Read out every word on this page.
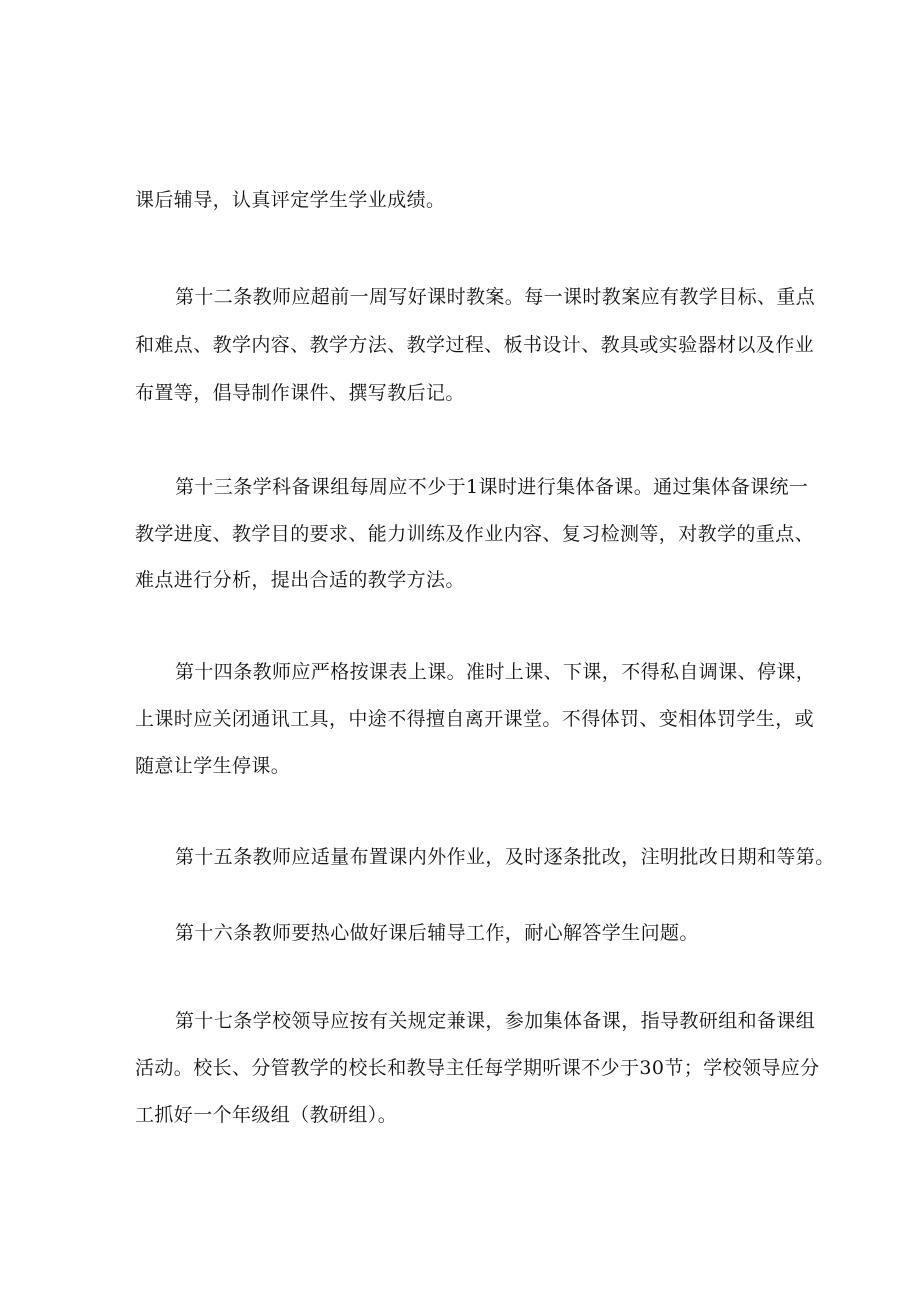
课后辅导，认真评定学生学业成绩。
第十二条教师应超前一周写好课时教案。每一课时教案应有教学目标、重点
和难点、教学内容、教学方法、教学过程、板书设计、教具或实验器材以及作业
布置等，倡导制作课件、撰写教后记。
第十三条学科备课组每周应不少于1课时进行集体备课。通过集体备课统一
教学进度、教学目的要求、能力训练及作业内容、复习检测等，对教学的重点、
难点进行分析，提出合适的教学方法。
第十四条教师应严格按课表上课。准时上课、下课，不得私自调课、停课，
上课时应关闭通讯工具，中途不得擅自离开课堂。不得体罚、变相体罚学生，或
随意让学生停课。
第十五条教师应适量布置课内外作业，及时逐条批改，注明批改日期和等第。
第十六条教师要热心做好课后辅导工作，耐心解答学生问题。
第十七条学校领导应按有关规定兼课，参加集体备课，指导教研组和备课组
活动。校长、分管教学的校长和教导主任每学期听课不少于30节；学校领导应分
工抓好一个年级组（教研组）。
